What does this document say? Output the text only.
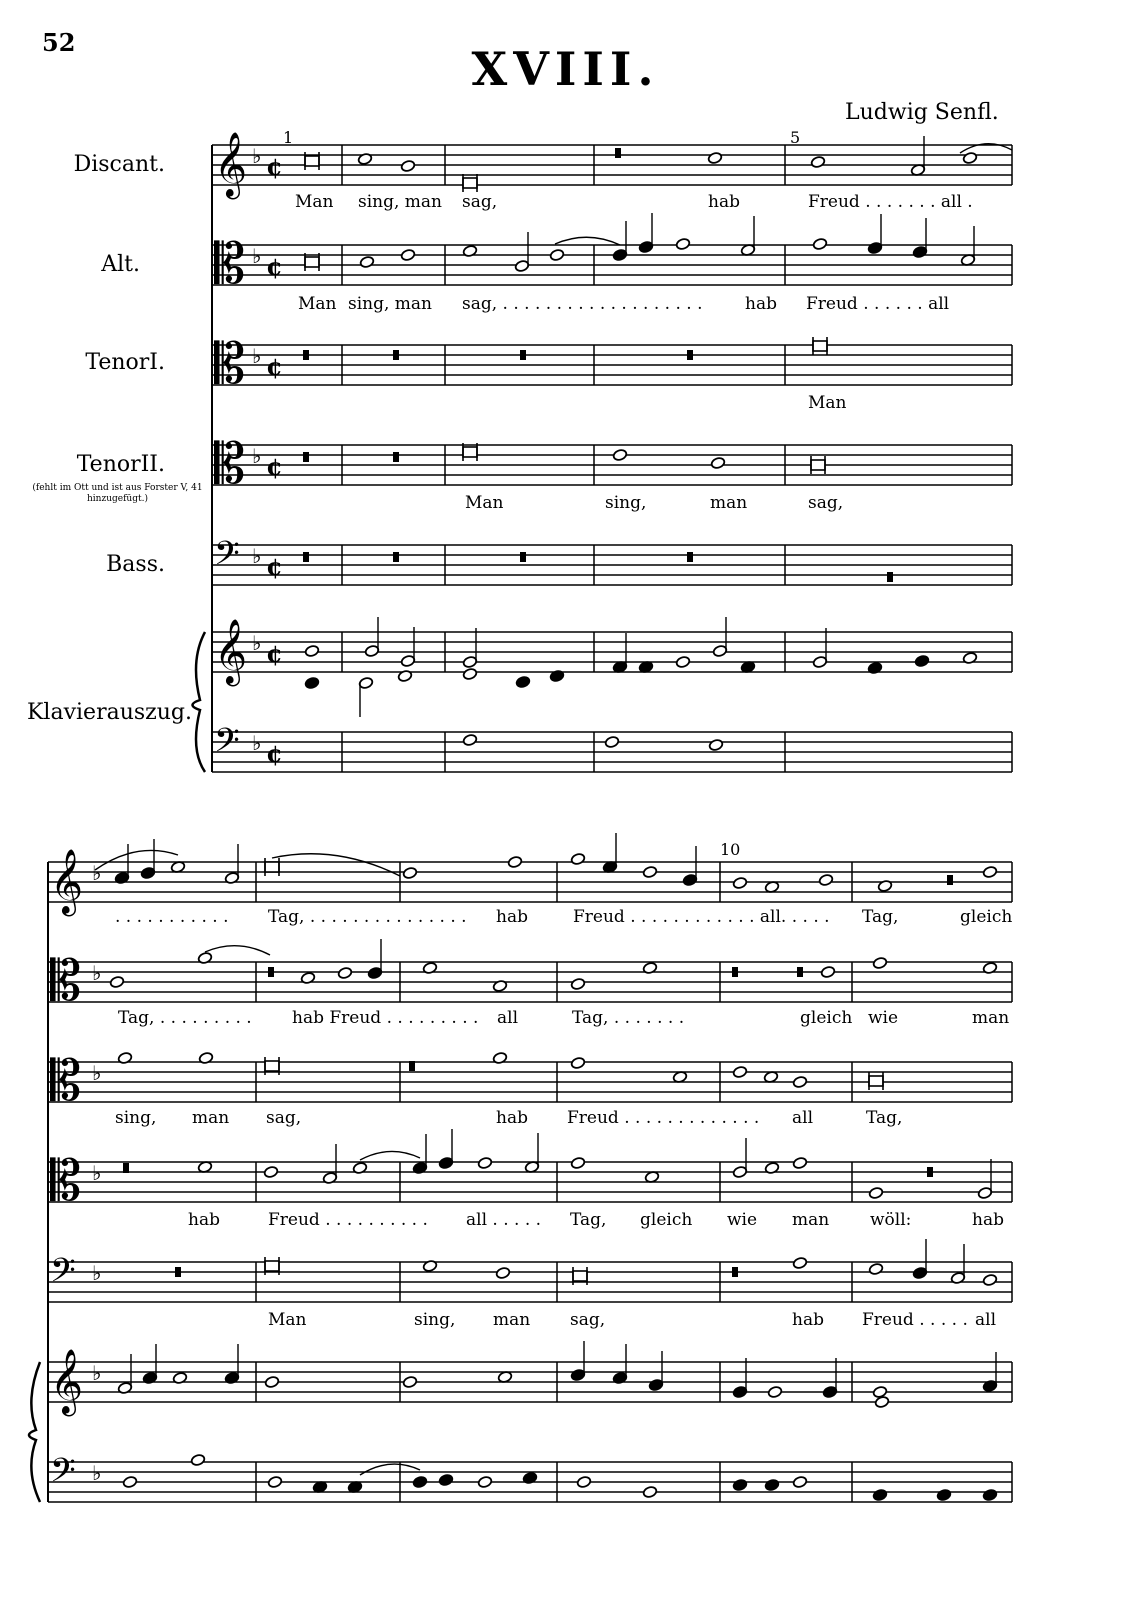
52	XVIII.
Ludwig Senfl.
Discant.
Alt.
TenorI.
TenorII.
(fehlt im Ott und ist aus Forster V, 41 hinzugefügt.)
Bass.
Klavierauszug.
1	5
10
Man sing, man sag,	hab	Freud . . . . . . . all .
Man sing, man sag, . . . . . . . . . . . . . . . . . . .	hab Freud . . . . . . all
Man
Man	sing,	man	sag,
. . . . . . . . . . . Tag, . . . . . . . . . . . . . . . hab	Freud . . . . . . . . . . . . all. . . . . Tag,	gleich
Tag, . . . . . . . . . hab Freud . . . . . . . . . all	Tag, . . . . . . .	gleich wie	man
sing, man sag,	hab Freud . . . . . . . . . . . . . all	Tag,
hab	Freud . . . . . . . . . . all . . . . . Tag, gleich wie man wöll:	hab
Man	sing, man sag,	hab Freud . . . . . all
𝄞 ♭ ¢
𝄡 ♭ ¢
𝄡 ♭ ¢
𝄡 ♭ ¢
𝄢 ♭ ¢
𝄞 ♭ ¢
𝄢 ♭ ¢
𝄞 ♭
𝄡 ♭
𝄡 ♭
𝄡 ♭
𝄢 ♭
𝄞 ♭
𝄢 ♭
